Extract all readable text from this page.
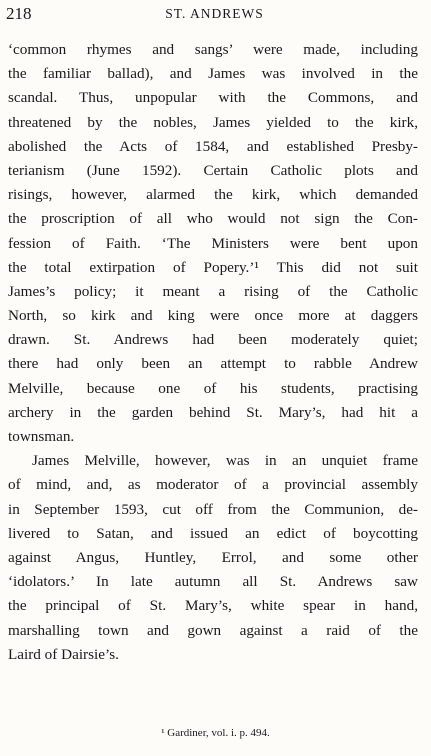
218	ST. ANDREWS
‘common rhymes and sangs’ were made, including
the familiar ballad), and James was involved in the
scandal. Thus, unpopular with the Commons, and
threatened by the nobles, James yielded to the kirk,
abolished the Acts of 1584, and established Presby-
terianism (June 1592). Certain Catholic plots and
risings, however, alarmed the kirk, which demanded
the proscription of all who would not sign the Con-
fession of Faith. ‘The Ministers were bent upon
the total extirpation of Popery.’¹ This did not suit
James’s policy; it meant a rising of the Catholic
North, so kirk and king were once more at daggers
drawn. St. Andrews had been moderately quiet;
there had only been an attempt to rabble Andrew
Melville, because one of his students, practising
archery in the garden behind St. Mary’s, had hit a
townsman.
James Melville, however, was in an unquiet frame
of mind, and, as moderator of a provincial assembly
in September 1593, cut off from the Communion, de-
livered to Satan, and issued an edict of boycotting
against Angus, Huntley, Errol, and some other
‘idolators.’ In late autumn all St. Andrews saw
the principal of St. Mary’s, white spear in hand,
marshalling town and gown against a raid of the
Laird of Dairsie’s.
¹ Gardiner, vol. i. p. 494.
